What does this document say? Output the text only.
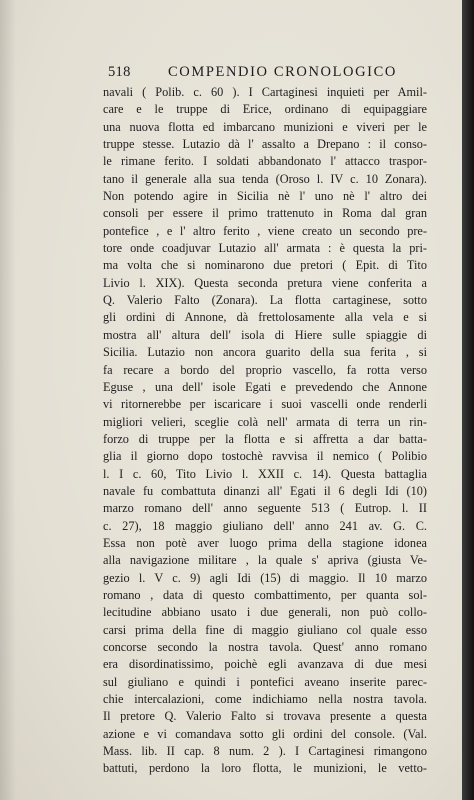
518	COMPENDIO CRONOLOGICO
navali ( Polib. c. 60 ). I Cartaginesi inquieti per Amil-
care e le truppe di Erice, ordinano di equipaggiare
una nuova flotta ed imbarcano munizioni e viveri per le
truppe stesse. Lutazio dà l' assalto a Drepano : il conso-
le rimane ferito. I soldati abbandonato l' attacco traspor-
tano il generale alla sua tenda (Oroso l. IV c. 10 Zonara).
Non potendo agire in Sicilia nè l' uno nè l' altro dei
consoli per essere il primo trattenuto in Roma dal gran
pontefice , e l' altro ferito , viene creato un secondo pre-
tore onde coadjuvar Lutazio all' armata : è questa la pri-
ma volta che si nominarono due pretori ( Epit. di Tito
Livio l. XIX). Questa seconda pretura viene conferita a
Q. Valerio Falto (Zonara). La flotta cartaginese, sotto
gli ordini di Annone, dà frettolosamente alla vela e si
mostra all' altura dell' isola di Hiere sulle spiaggie di
Sicilia. Lutazio non ancora guarito della sua ferita , si
fa recare a bordo del proprio vascello, fa rotta verso
Eguse , una dell' isole Egati e prevedendo che Annone
vi ritornerebbe per iscaricare i suoi vascelli onde renderli
migliori velieri, sceglie colà nell' armata di terra un rin-
forzo di truppe per la flotta e si affretta a dar batta-
glia il giorno dopo tostochè ravvisa il nemico ( Polibio
l. I c. 60, Tito Livio l. XXII c. 14). Questa battaglia
navale fu combattuta dinanzi all' Egati il 6 degli Idi (10)
marzo romano dell' anno seguente 513 ( Eutrop. l. II
c. 27), 18 maggio giuliano dell' anno 241 av. G. C.
Essa non potè aver luogo prima della stagione idonea
alla navigazione militare , la quale s' apriva (giusta Ve-
gezio l. V c. 9) agli Idi (15) di maggio. Il 10 marzo
romano , data di questo combattimento, per quanta sol-
lecitudine abbiano usato i due generali, non può collo-
carsi prima della fine di maggio giuliano col quale esso
concorse secondo la nostra tavola. Quest' anno romano
era disordinatissimo, poichè egli avanzava di due mesi
sul giuliano e quindi i pontefici aveano inserite parec-
chie intercalazioni, come indichiamo nella nostra tavola.
Il pretore Q. Valerio Falto si trovava presente a questa
azione e vi comandava sotto gli ordini del console. (Val.
Mass. lib. II cap. 8 num. 2 ). I Cartaginesi rimangono
battuti, perdono la loro flotta, le munizioni, le vetto-
